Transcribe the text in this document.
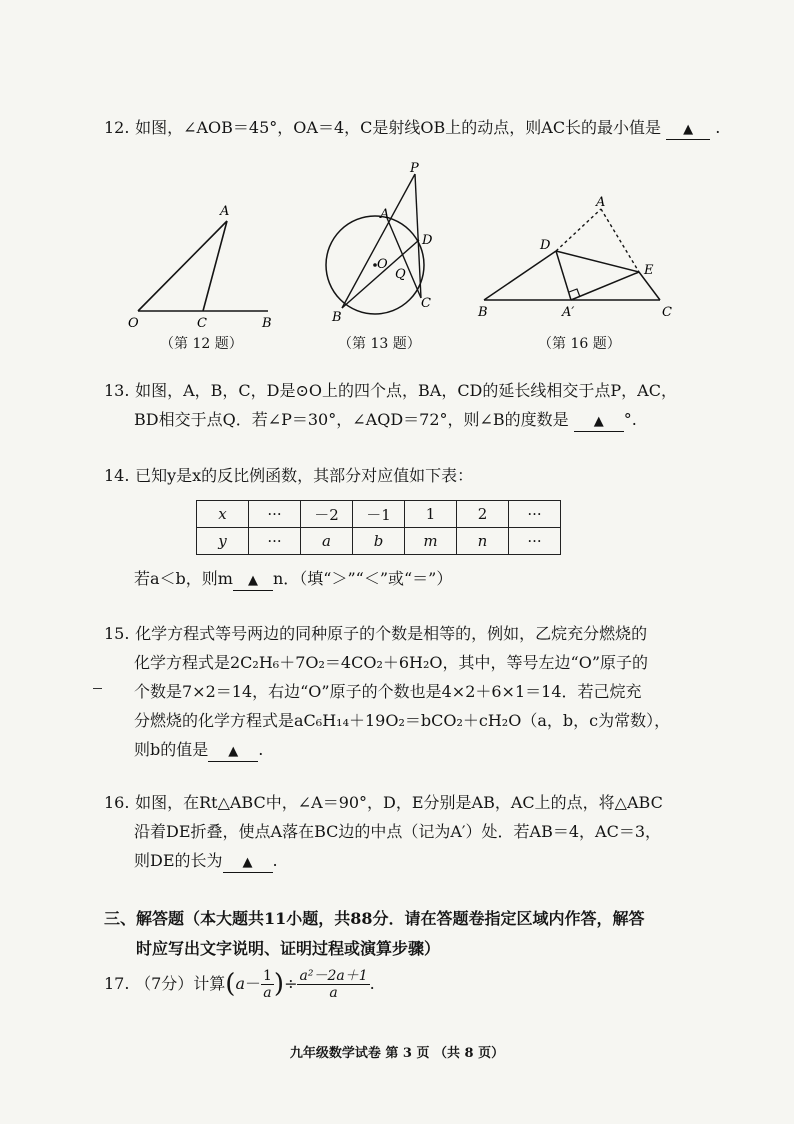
12. 如图，∠AOB＝45°，OA＝4，C是射线OB上的动点，则AC长的最小值是 ▲ .
A
O	C	B
（第 12 题）
P
A
D
O
Q
B
C
（第 13 题）
A
D
E
B	A′	C
（第 16 题）
13. 如图，A，B，C，D是⊙O上的四个点，BA，CD的延长线相交于点P，AC，
BD相交于点Q．若∠P＝30°，∠AQD＝72°，则∠B的度数是 ▲ °.
14. 已知y是x的反比例函数，其部分对应值如下表：
x	···	－2	－1	1	2	···
y	···	a	b	m	n	···
若a＜b，则m ▲ n．（填“＞”“＜”或“＝”）
15. 化学方程式等号两边的同种原子的个数是相等的，例如，乙烷充分燃烧的
化学方程式是2C₂H₆＋7O₂＝4CO₂＋6H₂O，其中，等号左边“O”原子的
个数是7×2＝14，右边“O”原子的个数也是4×2＋6×1＝14．若己烷充
分燃烧的化学方程式是aC₆H₁₄＋19O₂＝bCO₂＋cH₂O（a，b，c为常数），
则b的值是 ▲ .
16. 如图，在Rt△ABC中，∠A＝90°，D，E分别是AB，AC上的点，将△ABC
沿着DE折叠，使点A落在BC边的中点（记为A′）处．若AB＝4，AC＝3，
则DE的长为 ▲ .
三、解答题（本大题共11小题，共88分．请在答题卷指定区域内作答，解答
时应写出文字说明、证明过程或演算步骤）
17. （7分）计算($a- \frac{1}{a}$ )÷ $\frac{\text{a²－2a＋1}}{a}$ .
九年级数学试卷 第 3 页 （共 8 页）
